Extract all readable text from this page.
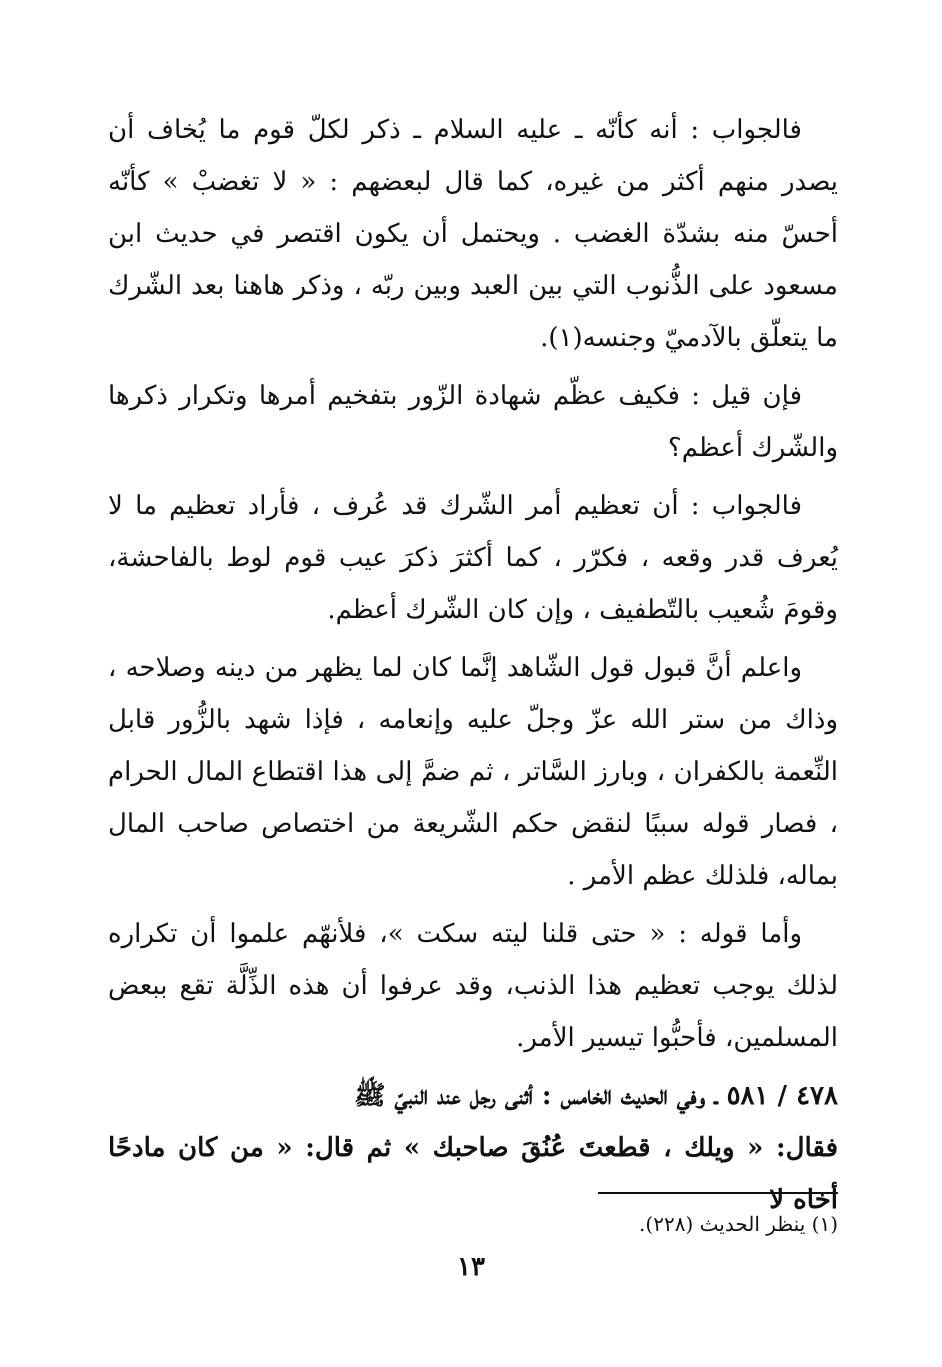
فالجواب : أنه كأنّه ـ عليه السلام ـ ذكر لكلّ قوم ما يُخاف أن يصدر منهم أكثر من غيره، كما قال لبعضهم : « لا تغضبْ » كأنّه أحسّ منه بشدّة الغضب . ويحتمل أن يكون اقتصر في حديث ابن مسعود على الذُّنوب التي بين العبد وبين ربّه ، وذكر هاهنا بعد الشّرك ما يتعلّق بالآدميّ وجنسه(١).

فإن قيل : فكيف عظّم شهادة الزّور بتفخيم أمرها وتكرار ذكرها والشّرك أعظم؟

فالجواب : أن تعظيم أمر الشّرك قد عُرف ، فأراد تعظيم ما لا يُعرف قدر وقعه ، فكرّر ، كما أكثرَ ذكرَ عيب قوم لوط بالفاحشة، وقومَ شُعيب بالتّطفيف ، وإن كان الشّرك أعظم.

واعلم أنَّ قبول قول الشّاهد إنَّما كان لما يظهر من دينه وصلاحه ، وذاك من ستر الله عزّ وجلّ عليه وإنعامه ، فإذا شهد بالزُّور قابل النِّعمة بالكفران ، وبارز السَّاتر ، ثم ضمَّ إلى هذا اقتطاع المال الحرام ، فصار قوله سببًا لنقض حكم الشّريعة من اختصاص صاحب المال بماله، فلذلك عظم الأمر .

وأما قوله : « حتى قلنا ليته سكت »، فلأنهّم علموا أن تكراره لذلك يوجب تعظيم هذا الذنب، وقد عرفوا أن هذه الذِّلَّة تقع ببعض المسلمين، فأحبُّوا تيسير الأمر.

٤٧٨ / ٥٨١ ـ وفي الحديث الخامس : أثنى رجل عند النبيّ ﷺ

فقال: « ويلك ، قطعتَ عُنُقَ صاحبك » ثم قال: « من كان مادحًا أخاه لا

(١) ينظر الحديث (٢٢٨).
١٣
